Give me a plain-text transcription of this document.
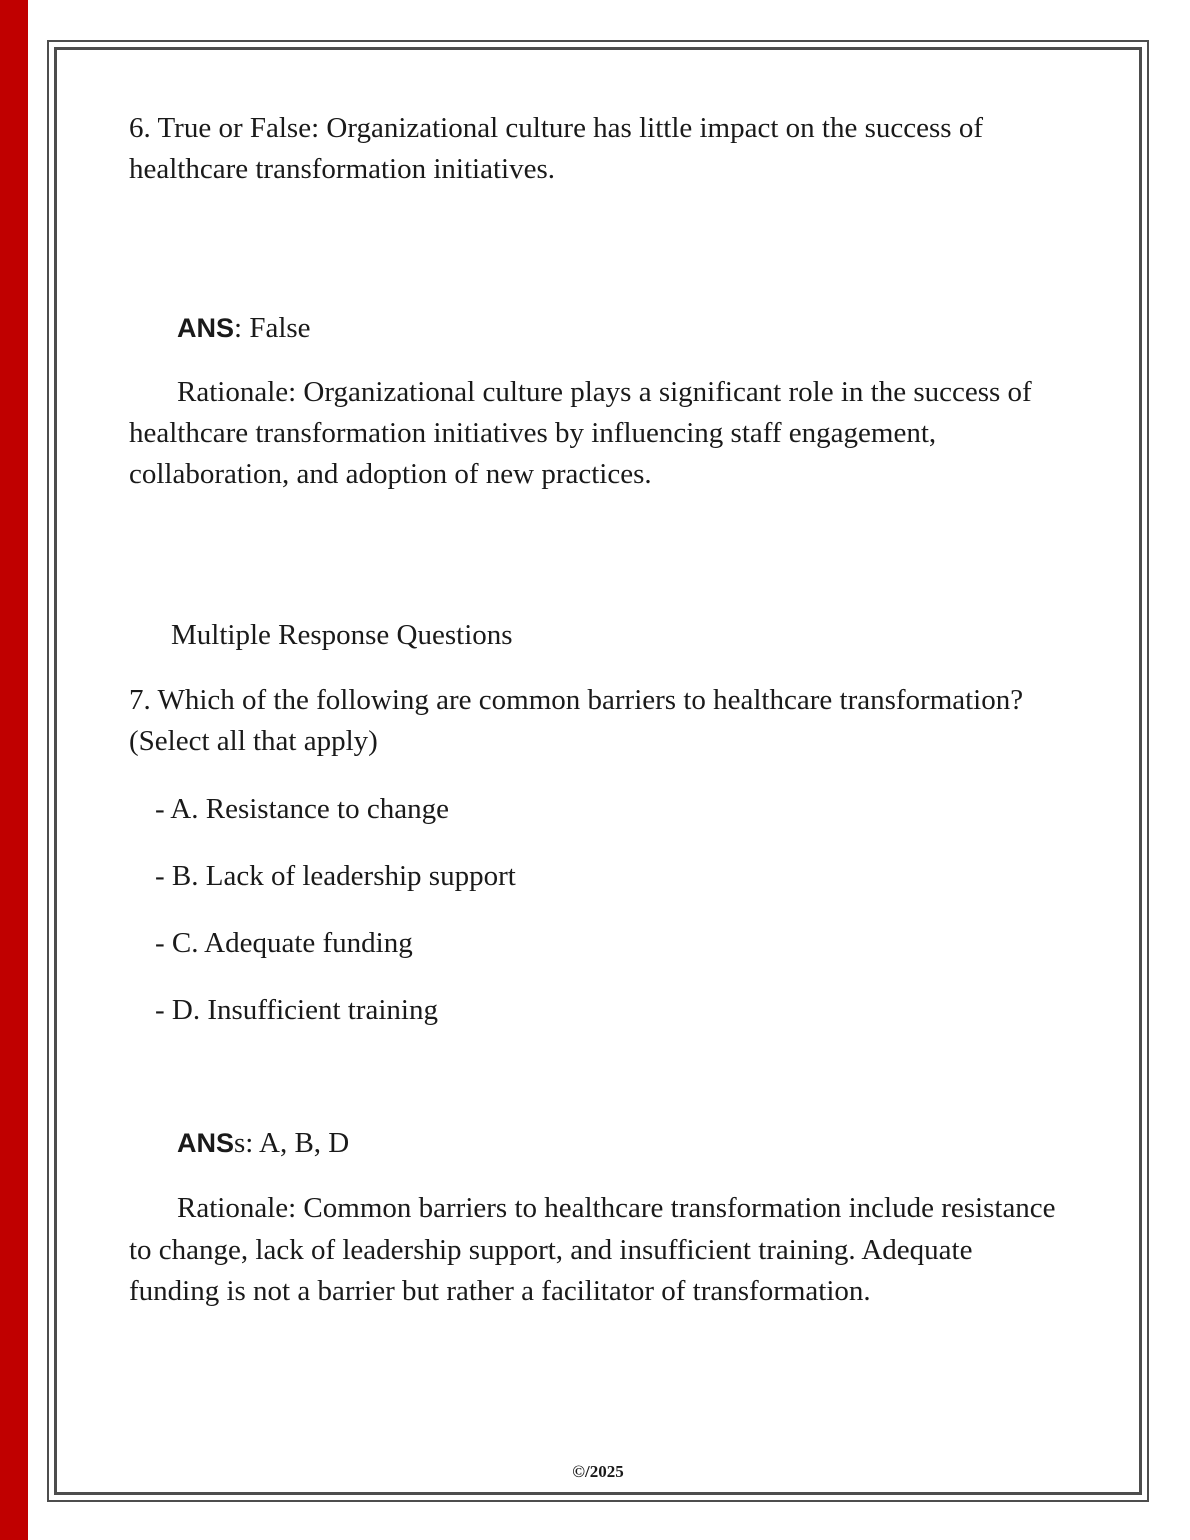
6. True or False: Organizational culture has little impact on the success of healthcare transformation initiatives.

ANS: False

Rationale: Organizational culture plays a significant role in the success of healthcare transformation initiatives by influencing staff engagement, collaboration, and adoption of new practices.

Multiple Response Questions

7. Which of the following are common barriers to healthcare transformation? (Select all that apply)

- A. Resistance to change

- B. Lack of leadership support

- C. Adequate funding

- D. Insufficient training

ANSs: A, B, D

Rationale: Common barriers to healthcare transformation include resistance to change, lack of leadership support, and insufficient training. Adequate funding is not a barrier but rather a facilitator of transformation.

©/2025
